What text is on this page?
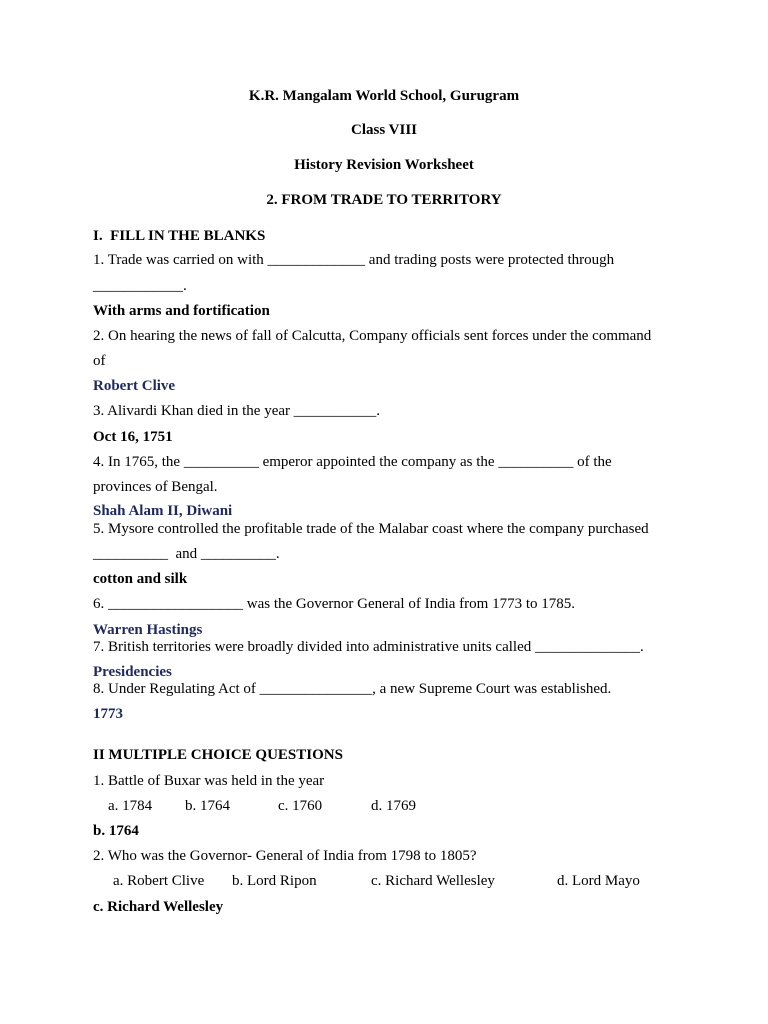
K.R. Mangalam World School, Gurugram
Class VIII
History Revision Worksheet
2. FROM TRADE TO TERRITORY
I.  FILL IN THE BLANKS
1. Trade was carried on with _____________ and trading posts were protected through
____________.
With arms and fortification
2. On hearing the news of fall of Calcutta, Company officials sent forces under the command
of
Robert Clive
3. Alivardi Khan died in the year ___________.
Oct 16, 1751
4. In 1765, the __________ emperor appointed the company as the __________ of the
provinces of Bengal.
Shah Alam II, Diwani
5. Mysore controlled the profitable trade of the Malabar coast where the company purchased
__________  and __________.
cotton and silk
6. __________________ was the Governor General of India from 1773 to 1785.
Warren Hastings
7. British territories were broadly divided into administrative units called ______________.
Presidencies
8. Under Regulating Act of _______________, a new Supreme Court was established.
1773
II MULTIPLE CHOICE QUESTIONS
1. Battle of Buxar was held in the year
a. 1784 b. 1764	c. 1760	d. 1769
b. 1764
2. Who was the Governor- General of India from 1798 to 1805?
a. Robert Clive b. Lord Ripon	c. Richard Wellesley	d. Lord Mayo
c. Richard Wellesley
